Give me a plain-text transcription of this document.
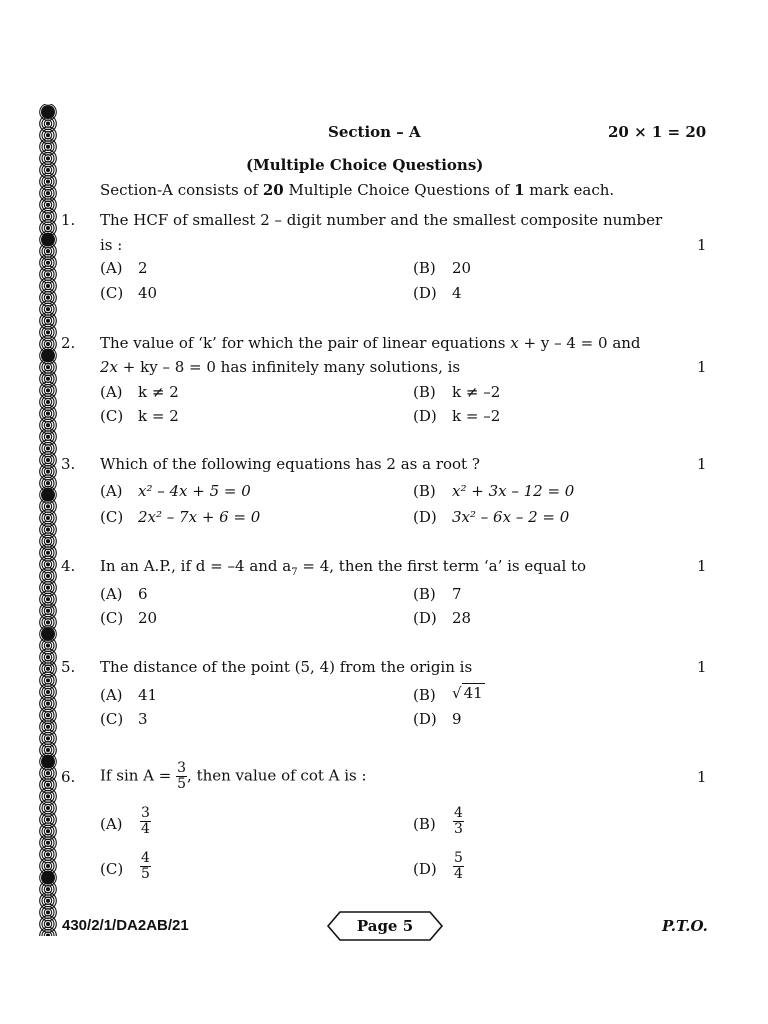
Section – A	20 × 1 = 20
(Multiple Choice Questions)
Section-A consists of 20 Multiple Choice Questions of 1 mark each.
1. The HCF of smallest 2 – digit number and the smallest composite number
is :	1
(A) 2	(B) 20
(C) 40	(D) 4
2. The value of ‘k’ for which the pair of linear equations x + y – 4 = 0 and
2x + ky – 8 = 0 has infinitely many solutions, is	1
(A) k ≠ 2	(B) k ≠ –2
(C) k = 2	(D) k = –2
3. Which of the following equations has 2 as a root ?	1
(A) x² – 4x + 5 = 0	(B) x² + 3x – 12 = 0
(C) 2x² – 7x + 6 = 0	(D) 3x² – 6x – 2 = 0
4. In an A.P., if d = –4 and $a_7 = 4$, then the first term ‘a’ is equal to	1
(A) 6	(B) 7
(C) 20	(D) 28
5. The distance of the point (5, 4) from the origin is	1
(A) 41	(B) √ 41
(C) 3	(D) 9
6. If $\sin A = \frac{3}{5}$ , then value of cot A is :	1
$(A) \frac{3}{4}$	$(B) \frac{4}{3}$
$(C) \frac{4}{5}$	$(D) \frac{5}{4}$
430/2/1/DA2AB/21	Page 5	P.T.O.
